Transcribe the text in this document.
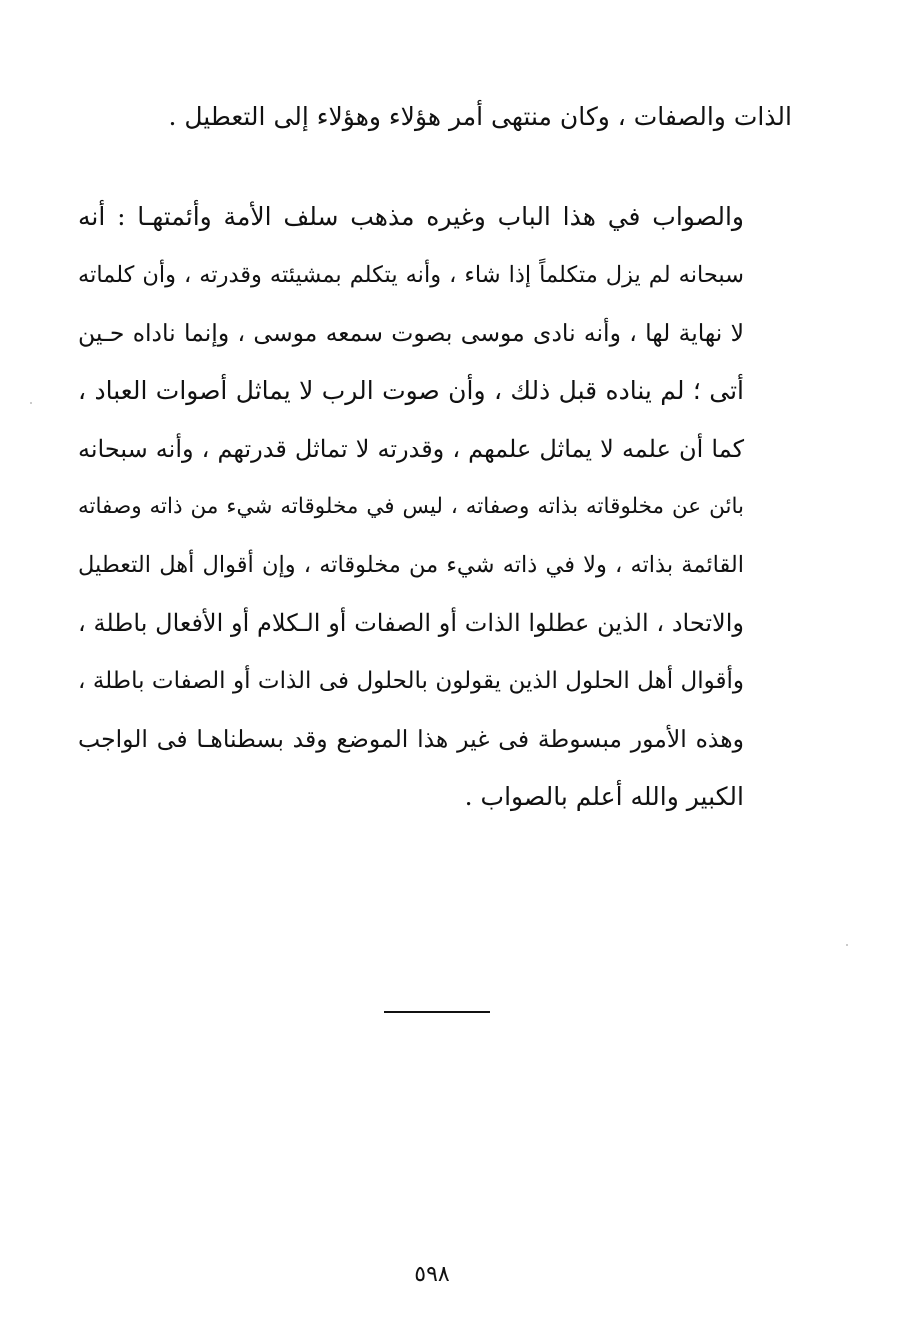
الذات والصفات ، وكان منتهى أمر هؤلاء وهؤلاء إلى التعطيل .
والصواب في هذا الباب وغيره مذهب سلف الأمة وأئمتهـا : أنه
سبحانه لم يزل متكلماً إذا شاء ، وأنه يتكلم بمشيئته وقدرته ، وأن كلماته
لا نهاية لها ، وأنه نادى موسى بصوت سمعه موسى ، وإنما ناداه حـين
أتى ؛ لم يناده قبل ذلك ، وأن صوت الرب لا يماثل أصوات العباد ،
كما أن علمه لا يماثل علمهم ، وقدرته لا تماثل قدرتهم ، وأنه سبحانه
بائن عن مخلوقاته بذاته وصفاته ، ليس في مخلوقاته شيء من ذاته وصفاته
القائمة بذاته ، ولا في ذاته شيء من مخلوقاته ، وإن أقوال أهل التعطيل
والاتحاد ، الذين عطلوا الذات أو الصفات أو الـكلام أو الأفعال باطلة ،
وأقوال أهل الحلول الذين يقولون بالحلول فى الذات أو الصفات باطلة ،
وهذه الأمور مبسوطة فى غير هذا الموضع وقد بسطناهـا فى الواجب
الكبير والله أعلم بالصواب .
٥٩٨
